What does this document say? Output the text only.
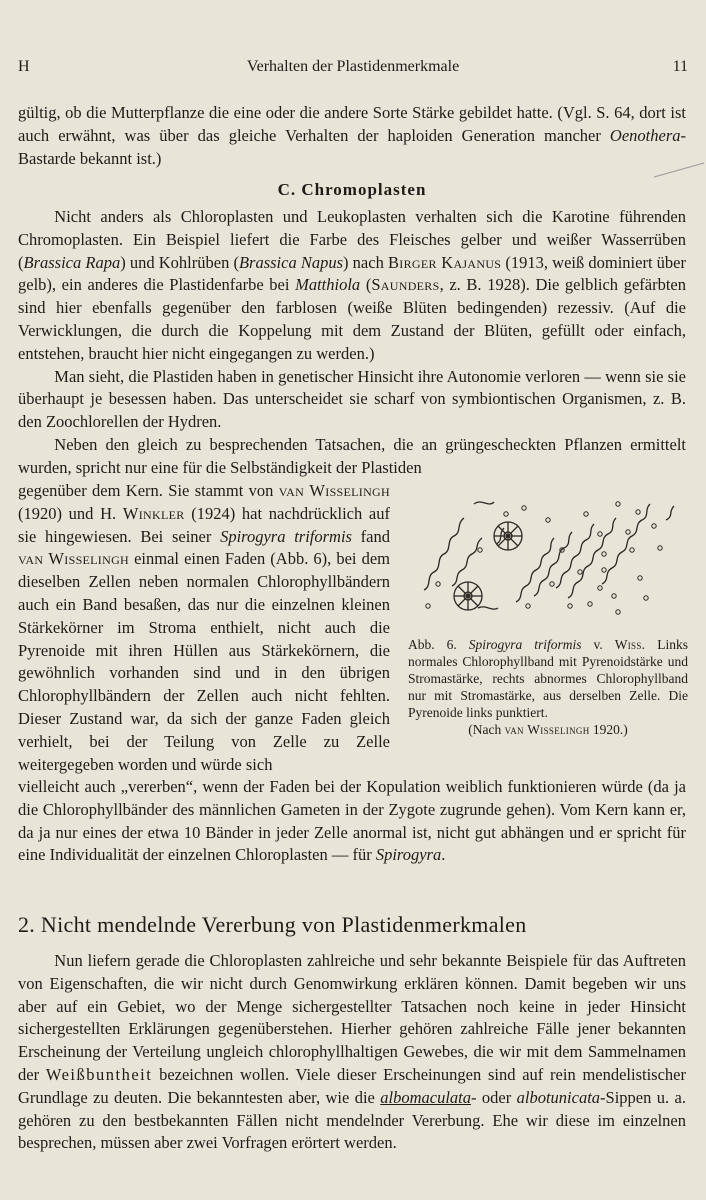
H	Verhalten der Plastidenmerkmale	11

gültig, ob die Mutterpflanze die eine oder die andere Sorte Stärke gebildet hatte. (Vgl. S. 64, dort ist auch erwähnt, was über das gleiche Verhalten der haploiden Generation mancher Oenothera-Bastarde bekannt ist.)

C. Chromoplasten

Nicht anders als Chloroplasten und Leukoplasten verhalten sich die Karotine führenden Chromoplasten. Ein Beispiel liefert die Farbe des Fleisches gelber und weißer Wasserrüben (Brassica Rapa) und Kohlrüben (Brassica Napus) nach Birger Kajanus (1913, weiß dominiert über gelb), ein anderes die Plastidenfarbe bei Matthiola (Saunders, z. B. 1928). Die gelblich gefärbten sind hier ebenfalls gegenüber den farblosen (weiße Blüten bedingenden) rezessiv. (Auf die Verwicklungen, die durch die Koppelung mit dem Zustand der Blüten, gefüllt oder einfach, entstehen, braucht hier nicht eingegangen zu werden.)

Man sieht, die Plastiden haben in genetischer Hinsicht ihre Autonomie verloren — wenn sie sie überhaupt je besessen haben. Das unterscheidet sie scharf von symbiontischen Organismen, z. B. den Zoochlorellen der Hydren.

Neben den gleich zu besprechenden Tatsachen, die an grüngescheckten Pflanzen ermittelt wurden, spricht nur eine für die Selbständigkeit der Plastiden

gegenüber dem Kern. Sie stammt von van Wisselingh (1920) und H. Winkler (1924) hat nachdrücklich auf sie hingewiesen. Bei seiner Spirogyra triformis fand van Wisselingh einmal einen Faden (Abb. 6), bei dem dieselben Zellen neben normalen Chlorophyllbändern auch ein Band besaßen, das nur die einzelnen kleinen Stärkekörner im Stroma enthielt, nicht auch die Pyrenoide mit ihren Hüllen aus Stärkekörnern, die gewöhnlich vorhanden sind und in den übrigen Chlorophyllbändern der Zellen auch nicht fehlten. Dieser Zustand war, da sich der ganze Faden gleich verhielt, bei der Teilung von Zelle zu Zelle weitergegeben worden und würde sich

Abb. 6. Spirogyra triformis v. Wiss. Links normales Chlorophyllband mit Pyrenoidstärke und Stromastärke, rechts abnormes Chlorophyllband nur mit Stromastärke, aus derselben Zelle. Die Pyrenoide links punktiert.
(Nach van Wisselingh 1920.)

vielleicht auch „vererben“, wenn der Faden bei der Kopulation weiblich funktionieren würde (da ja die Chlorophyllbänder des männlichen Gameten in der Zygote zugrunde gehen). Vom Kern kann er, da ja nur eines der etwa 10 Bänder in jeder Zelle anormal ist, nicht gut abhängen und er spricht für eine Individualität der einzelnen Chloroplasten — für Spirogyra.

2. Nicht mendelnde Vererbung von Plastidenmerkmalen

Nun liefern gerade die Chloroplasten zahlreiche und sehr bekannte Beispiele für das Auftreten von Eigenschaften, die wir nicht durch Genomwirkung erklären können. Damit begeben wir uns aber auf ein Gebiet, wo der Menge sichergestellter Tatsachen noch keine in jeder Hinsicht sichergestellten Erklärungen gegenüberstehen. Hierher gehören zahlreiche Fälle jener bekannten Erscheinung der Verteilung ungleich chlorophyllhaltigen Gewebes, die wir mit dem Sammelnamen der Weißbuntheit bezeichnen wollen. Viele dieser Erscheinungen sind auf rein mendelistischer Grundlage zu deuten. Die bekanntesten aber, wie die albomaculata- oder albotunicata-Sippen u. a. gehören zu den bestbekannten Fällen nicht mendelnder Vererbung. Ehe wir diese im einzelnen besprechen, müssen aber zwei Vorfragen erörtert werden.
